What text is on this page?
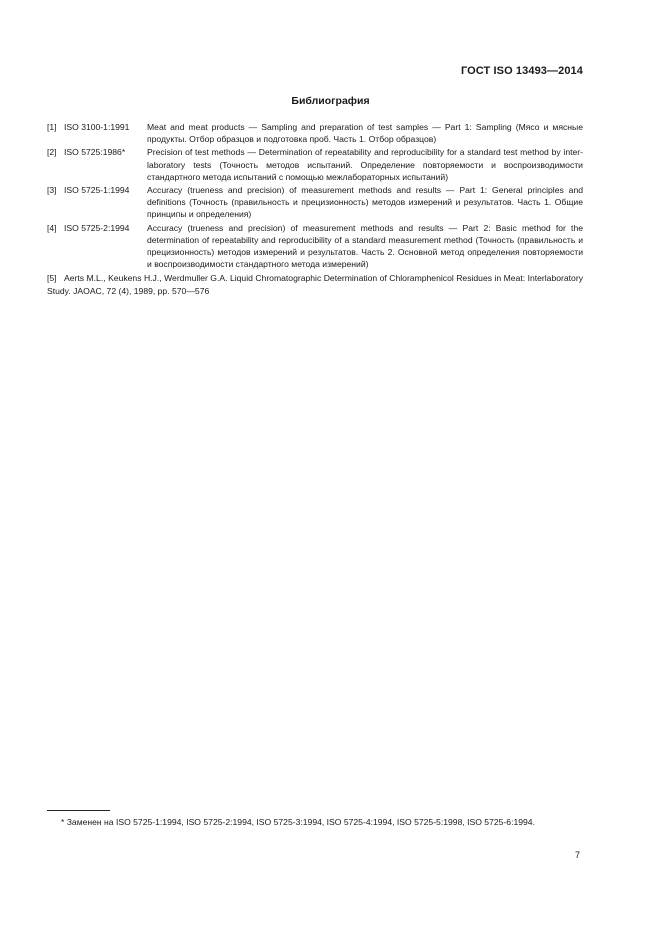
ГОСТ ISO 13493—2014
Библиография
[1] ISO 3100-1:1991	Meat and meat products — Sampling and preparation of test samples — Part 1: Sampling (Мясо и мясные продукты. Отбор образцов и подготовка проб. Часть 1. Отбор образцов)
[2] ISO 5725:1986*	Precision of test methods — Determination of repeatability and reproducibility for a standard test method by inter-laboratory tests (Точность методов испытаний. Определение повторяемости и воспроизводимости стандартного метода испытаний с помощью межлабораторных испытаний)
[3] ISO 5725-1:1994	Accuracy (trueness and precision) of measurement methods and results — Part 1: General principles and definitions (Точность (правильность и прецизионность) методов измерений и результатов. Часть 1. Общие принципы и определения)
[4] ISO 5725-2:1994	Accuracy (trueness and precision) of measurement methods and results — Part 2: Basic method for the determination of repeatability and reproducibility of a standard measurement method (Точность (правильность и прецизионность) методов измерений и результатов. Часть 2. Основной метод определения повторяемости и воспроизводимости стандартного метода измерений)
[5] Aerts M.L., Keukens H.J., Werdmuller G.A. Liquid Chromatographic Determination of Chloramphenicol Residues in Meat: Interlaboratory Study. JAOAC, 72 (4), 1989, pp. 570—576
* Заменен на ISO 5725-1:1994, ISO 5725-2:1994, ISO 5725-3:1994, ISO 5725-4:1994, ISO 5725-5:1998, ISO 5725-6:1994.
7
